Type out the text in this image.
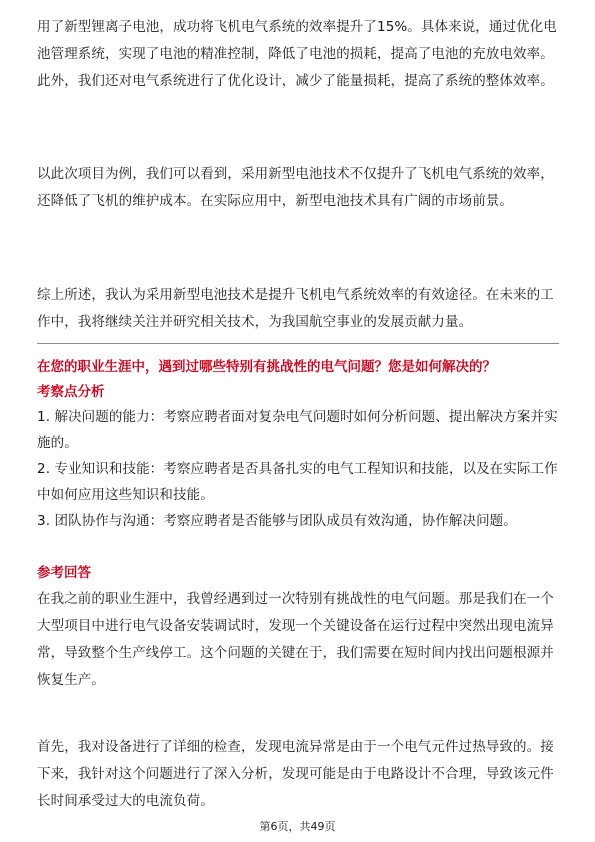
用了新型锂离子电池，成功将飞机电气系统的效率提升了15%。具体来说，通过优化电池管理系统，实现了电池的精准控制，降低了电池的损耗，提高了电池的充放电效率。此外，我们还对电气系统进行了优化设计，减少了能量损耗，提高了系统的整体效率。

以此次项目为例，我们可以看到，采用新型电池技术不仅提升了飞机电气系统的效率，还降低了飞机的维护成本。在实际应用中，新型电池技术具有广阔的市场前景。

综上所述，我认为采用新型电池技术是提升飞机电气系统效率的有效途径。在未来的工作中，我将继续关注并研究相关技术，为我国航空事业的发展贡献力量。

在您的职业生涯中，遇到过哪些特别有挑战性的电气问题？您是如何解决的？
考察点分析

1. 解决问题的能力：考察应聘者面对复杂电气问题时如何分析问题、提出解决方案并实施的。

2. 专业知识和技能：考察应聘者是否具备扎实的电气工程知识和技能，以及在实际工作中如何应用这些知识和技能。

3. 团队协作与沟通：考察应聘者是否能够与团队成员有效沟通，协作解决问题。

参考回答

在我之前的职业生涯中，我曾经遇到过一次特别有挑战性的电气问题。那是我们在一个大型项目中进行电气设备安装调试时，发现一个关键设备在运行过程中突然出现电流异常，导致整个生产线停工。这个问题的关键在于，我们需要在短时间内找出问题根源并恢复生产。

首先，我对设备进行了详细的检查，发现电流异常是由于一个电气元件过热导致的。接下来，我针对这个问题进行了深入分析，发现可能是由于电路设计不合理，导致该元件长时间承受过大的电流负荷。

第6页，共49页
